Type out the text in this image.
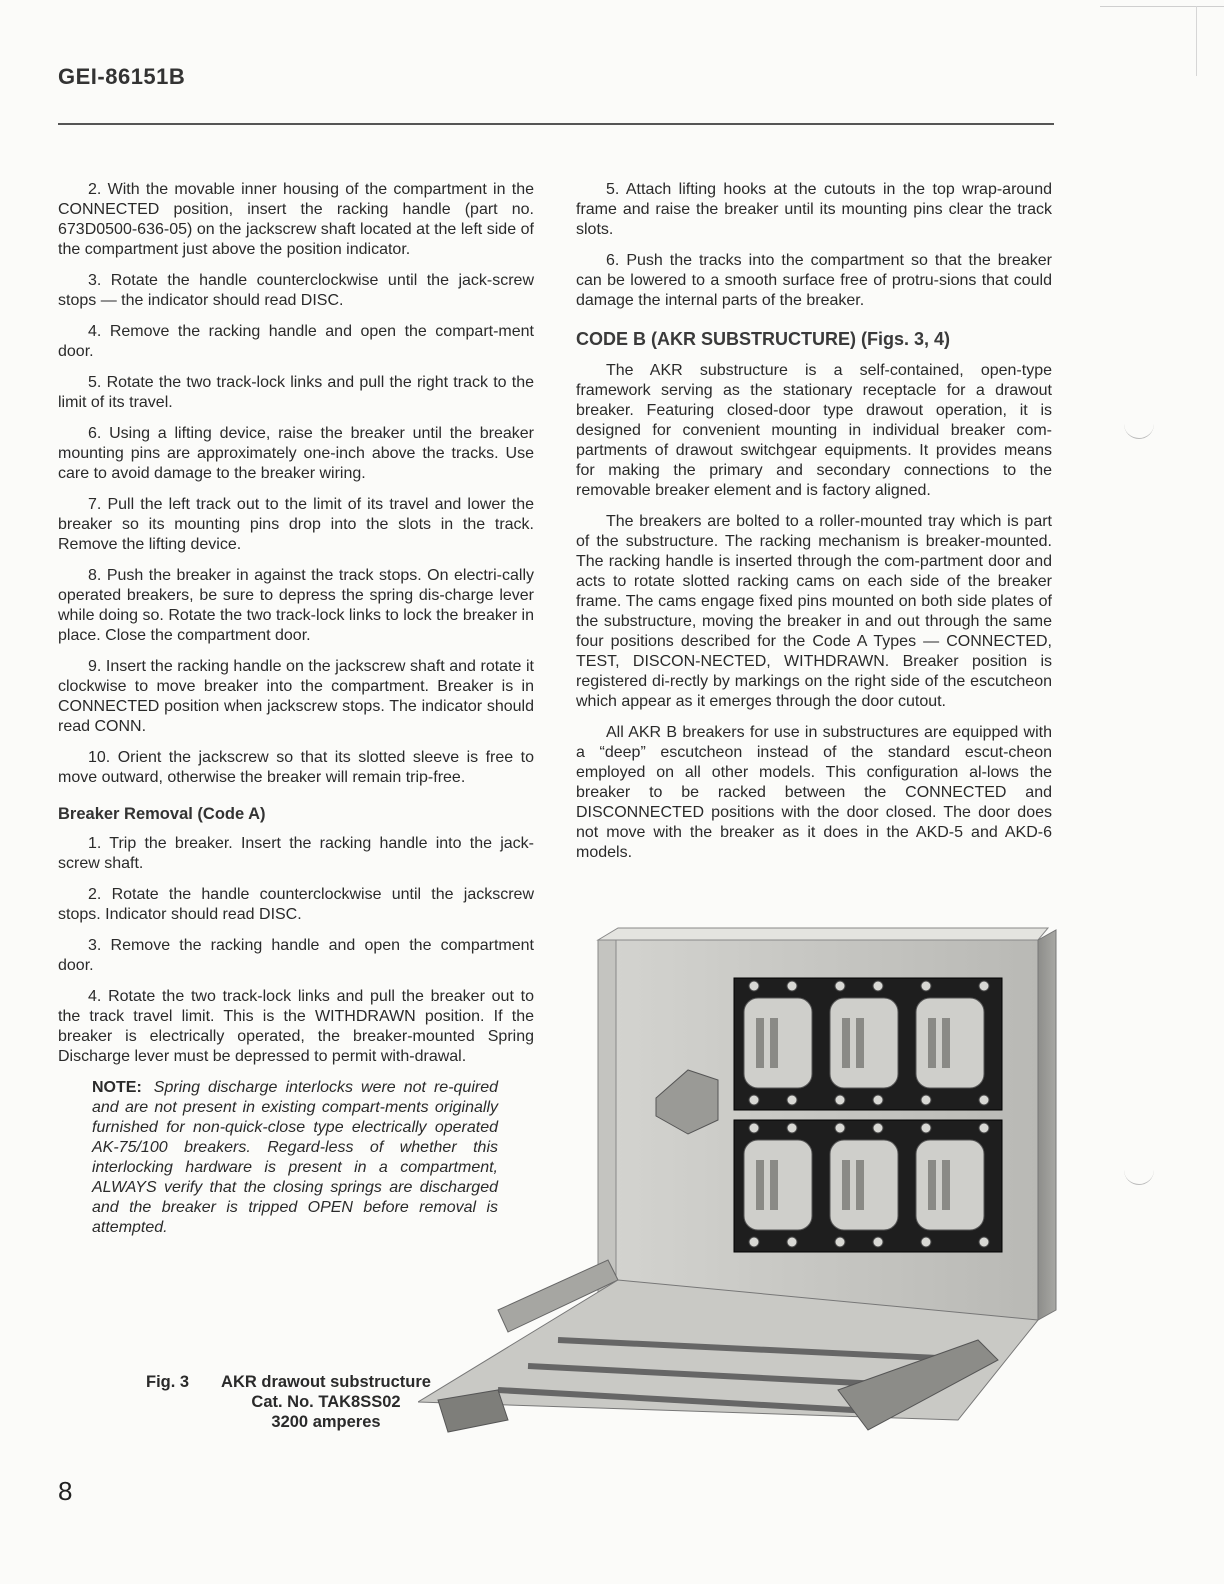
GEI-86151B

2. With the movable inner housing of the compartment in the CONNECTED position, insert the racking handle (part no. 673D0500-636-05) on the jackscrew shaft located at the left side of the compartment just above the position indicator.

3. Rotate the handle counterclockwise until the jack-screw stops — the indicator should read DISC.

4. Remove the racking handle and open the compart-ment door.

5. Rotate the two track-lock links and pull the right track to the limit of its travel.

6. Using a lifting device, raise the breaker until the breaker mounting pins are approximately one-inch above the tracks. Use care to avoid damage to the breaker wiring.

7. Pull the left track out to the limit of its travel and lower the breaker so its mounting pins drop into the slots in the track. Remove the lifting device.

8. Push the breaker in against the track stops. On electri-cally operated breakers, be sure to depress the spring dis-charge lever while doing so. Rotate the two track-lock links to lock the breaker in place. Close the compartment door.

9. Insert the racking handle on the jackscrew shaft and rotate it clockwise to move breaker into the compartment. Breaker is in CONNECTED position when jackscrew stops. The indicator should read CONN.

10. Orient the jackscrew so that its slotted sleeve is free to move outward, otherwise the breaker will remain trip-free.

Breaker Removal (Code A)

1. Trip the breaker. Insert the racking handle into the jack-screw shaft.

2. Rotate the handle counterclockwise until the jackscrew stops. Indicator should read DISC.

3. Remove the racking handle and open the compartment door.

4. Rotate the two track-lock links and pull the breaker out to the track travel limit. This is the WITHDRAWN position. If the breaker is electrically operated, the breaker-mounted Spring Discharge lever must be depressed to permit with-drawal.

NOTE: Spring discharge interlocks were not re-quired and are not present in existing compart-ments originally furnished for non-quick-close type electrically operated AK-75/100 breakers. Regard-less of whether this interlocking hardware is present in a compartment, ALWAYS verify that the closing springs are discharged and the breaker is tripped OPEN before removal is attempted.

5. Attach lifting hooks at the cutouts in the top wrap-around frame and raise the breaker until its mounting pins clear the track slots.

6. Push the tracks into the compartment so that the breaker can be lowered to a smooth surface free of protru-sions that could damage the internal parts of the breaker.

CODE B (AKR SUBSTRUCTURE) (Figs. 3, 4)

The AKR substructure is a self-contained, open-type framework serving as the stationary receptacle for a drawout breaker. Featuring closed-door type drawout operation, it is designed for convenient mounting in individual breaker com-partments of drawout switchgear equipments. It provides means for making the primary and secondary connections to the removable breaker element and is factory aligned.

The breakers are bolted to a roller-mounted tray which is part of the substructure. The racking mechanism is breaker-mounted. The racking handle is inserted through the com-partment door and acts to rotate slotted racking cams on each side of the breaker frame. The cams engage fixed pins mounted on both side plates of the substructure, moving the breaker in and out through the same four positions described for the Code A Types — CONNECTED, TEST, DISCON-NECTED, WITHDRAWN. Breaker position is registered di-rectly by markings on the right side of the escutcheon which appear as it emerges through the door cutout.

All AKR B breakers for use in substructures are equipped with a “deep” escutcheon instead of the standard escut-cheon employed on all other models. This configuration al-lows the breaker to be racked between the CONNECTED and DISCONNECTED positions with the door closed. The door does not move with the breaker as it does in the AKD-5 and AKD-6 models.

Fig. 3	AKR drawout substructure
Cat. No. TAK8SS02
3200 amperes
8
